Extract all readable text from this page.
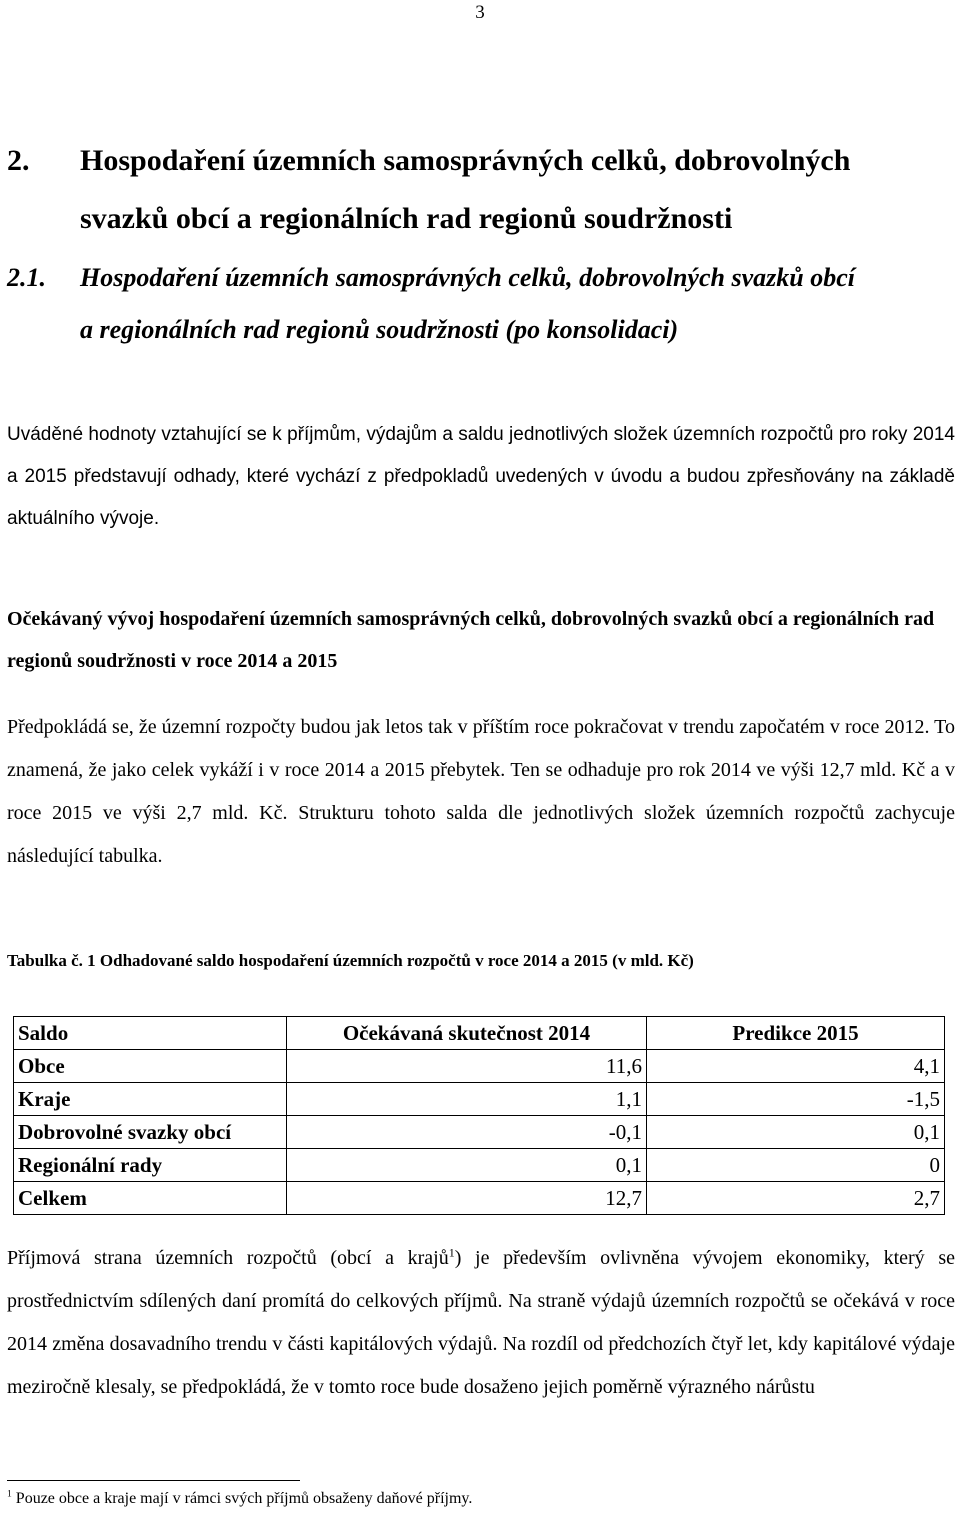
3
2. Hospodaření územních samosprávných celků, dobrovolných
svazků obcí a regionálních rad regionů soudržnosti
2.1. Hospodaření územních samosprávných celků, dobrovolných svazků obcí
a regionálních rad regionů soudržnosti (po konsolidaci)
Uváděné hodnoty vztahující se k příjmům, výdajům a saldu jednotlivých složek územních rozpočtů pro roky 2014 a 2015 představují odhady, které vychází z předpokladů uvedených v úvodu a budou zpřesňovány na základě aktuálního vývoje.
Očekávaný vývoj hospodaření územních samosprávných celků, dobrovolných svazků obcí a regionálních rad regionů soudržnosti v roce 2014 a 2015
Předpokládá se, že územní rozpočty budou jak letos tak v příštím roce pokračovat v trendu započatém v roce 2012. To znamená, že jako celek vykáží i v roce 2014 a 2015 přebytek. Ten se odhaduje pro rok 2014 ve výši 12,7 mld. Kč a v roce 2015 ve výši 2,7 mld. Kč. Strukturu tohoto salda dle jednotlivých složek územních rozpočtů zachycuje následující tabulka.
Tabulka č. 1 Odhadované saldo hospodaření územních rozpočtů v roce 2014 a 2015 (v mld. Kč)
Saldo	Očekávaná skutečnost 2014	Predikce 2015
Obce	11,6	4,1
Kraje	1,1	-1,5
Dobrovolné svazky obcí	-0,1	0,1
Regionální rady	0,1	0
Celkem	12,7	2,7
Příjmová strana územních rozpočtů (obcí a krajů$^1$) je především ovlivněna vývojem ekonomiky, který se prostřednictvím sdílených daní promítá do celkových příjmů. Na straně výdajů územních rozpočtů se očekává v roce 2014 změna dosavadního trendu v části kapitálových výdajů. Na rozdíl od předchozích čtyř let, kdy kapitálové výdaje meziročně klesaly, se předpokládá, že v tomto roce bude dosaženo jejich poměrně výrazného nárůstu
$^1$ Pouze obce a kraje mají v rámci svých příjmů obsaženy daňové příjmy.
